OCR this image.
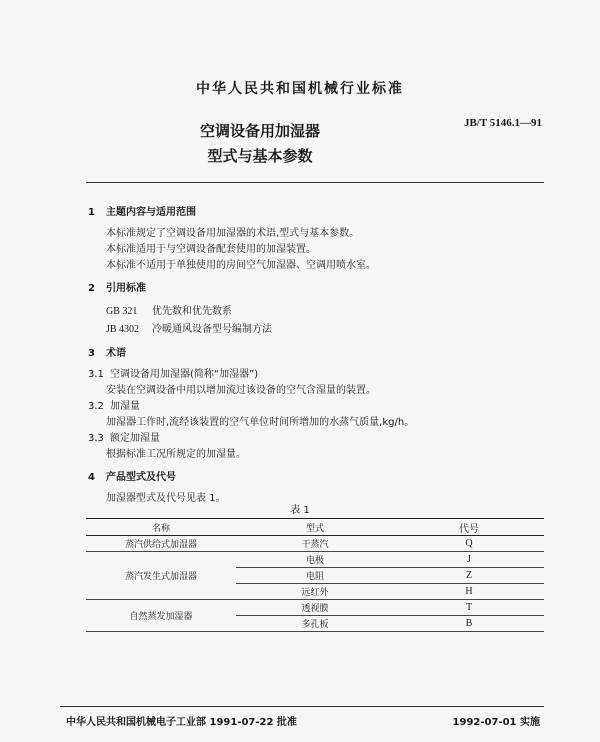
中华人民共和国机械行业标准
JB/T 5146.1—91
空调设备用加湿器
型式与基本参数
1 主题内容与适用范围
本标准规定了空调设备用加湿器的术语,型式与基本参数。
本标准适用于与空调设备配套使用的加湿装置。
本标准不适用于单独使用的房间空气加湿器、空调用喷水室。
2 引用标准
GB 321 优先数和优先数系
JB 4302 冷暖通风设备型号编制方法
3 术语
3.1 空调设备用加湿器(简称“加湿器”)
安装在空调设备中用以增加流过该设备的空气含湿量的装置。
3.2 加湿量
加湿器工作时,流经该装置的空气单位时间所增加的水蒸气质量,kg/h。
3.3 额定加湿量
根据标准工况所规定的加湿量。
4 产品型式及代号
加湿器型式及代号见表 1。
表 1
名称	型式	代号
蒸汽供给式加湿器	干蒸汽	Q
蒸汽发生式加湿器	电极	J
	电阻	Z
	远红外	H
自然蒸发加湿器	透视膜	T
	多孔板	B
中华人民共和国机械电子工业部 1991-07-22 批准	1992-07-01 实施
